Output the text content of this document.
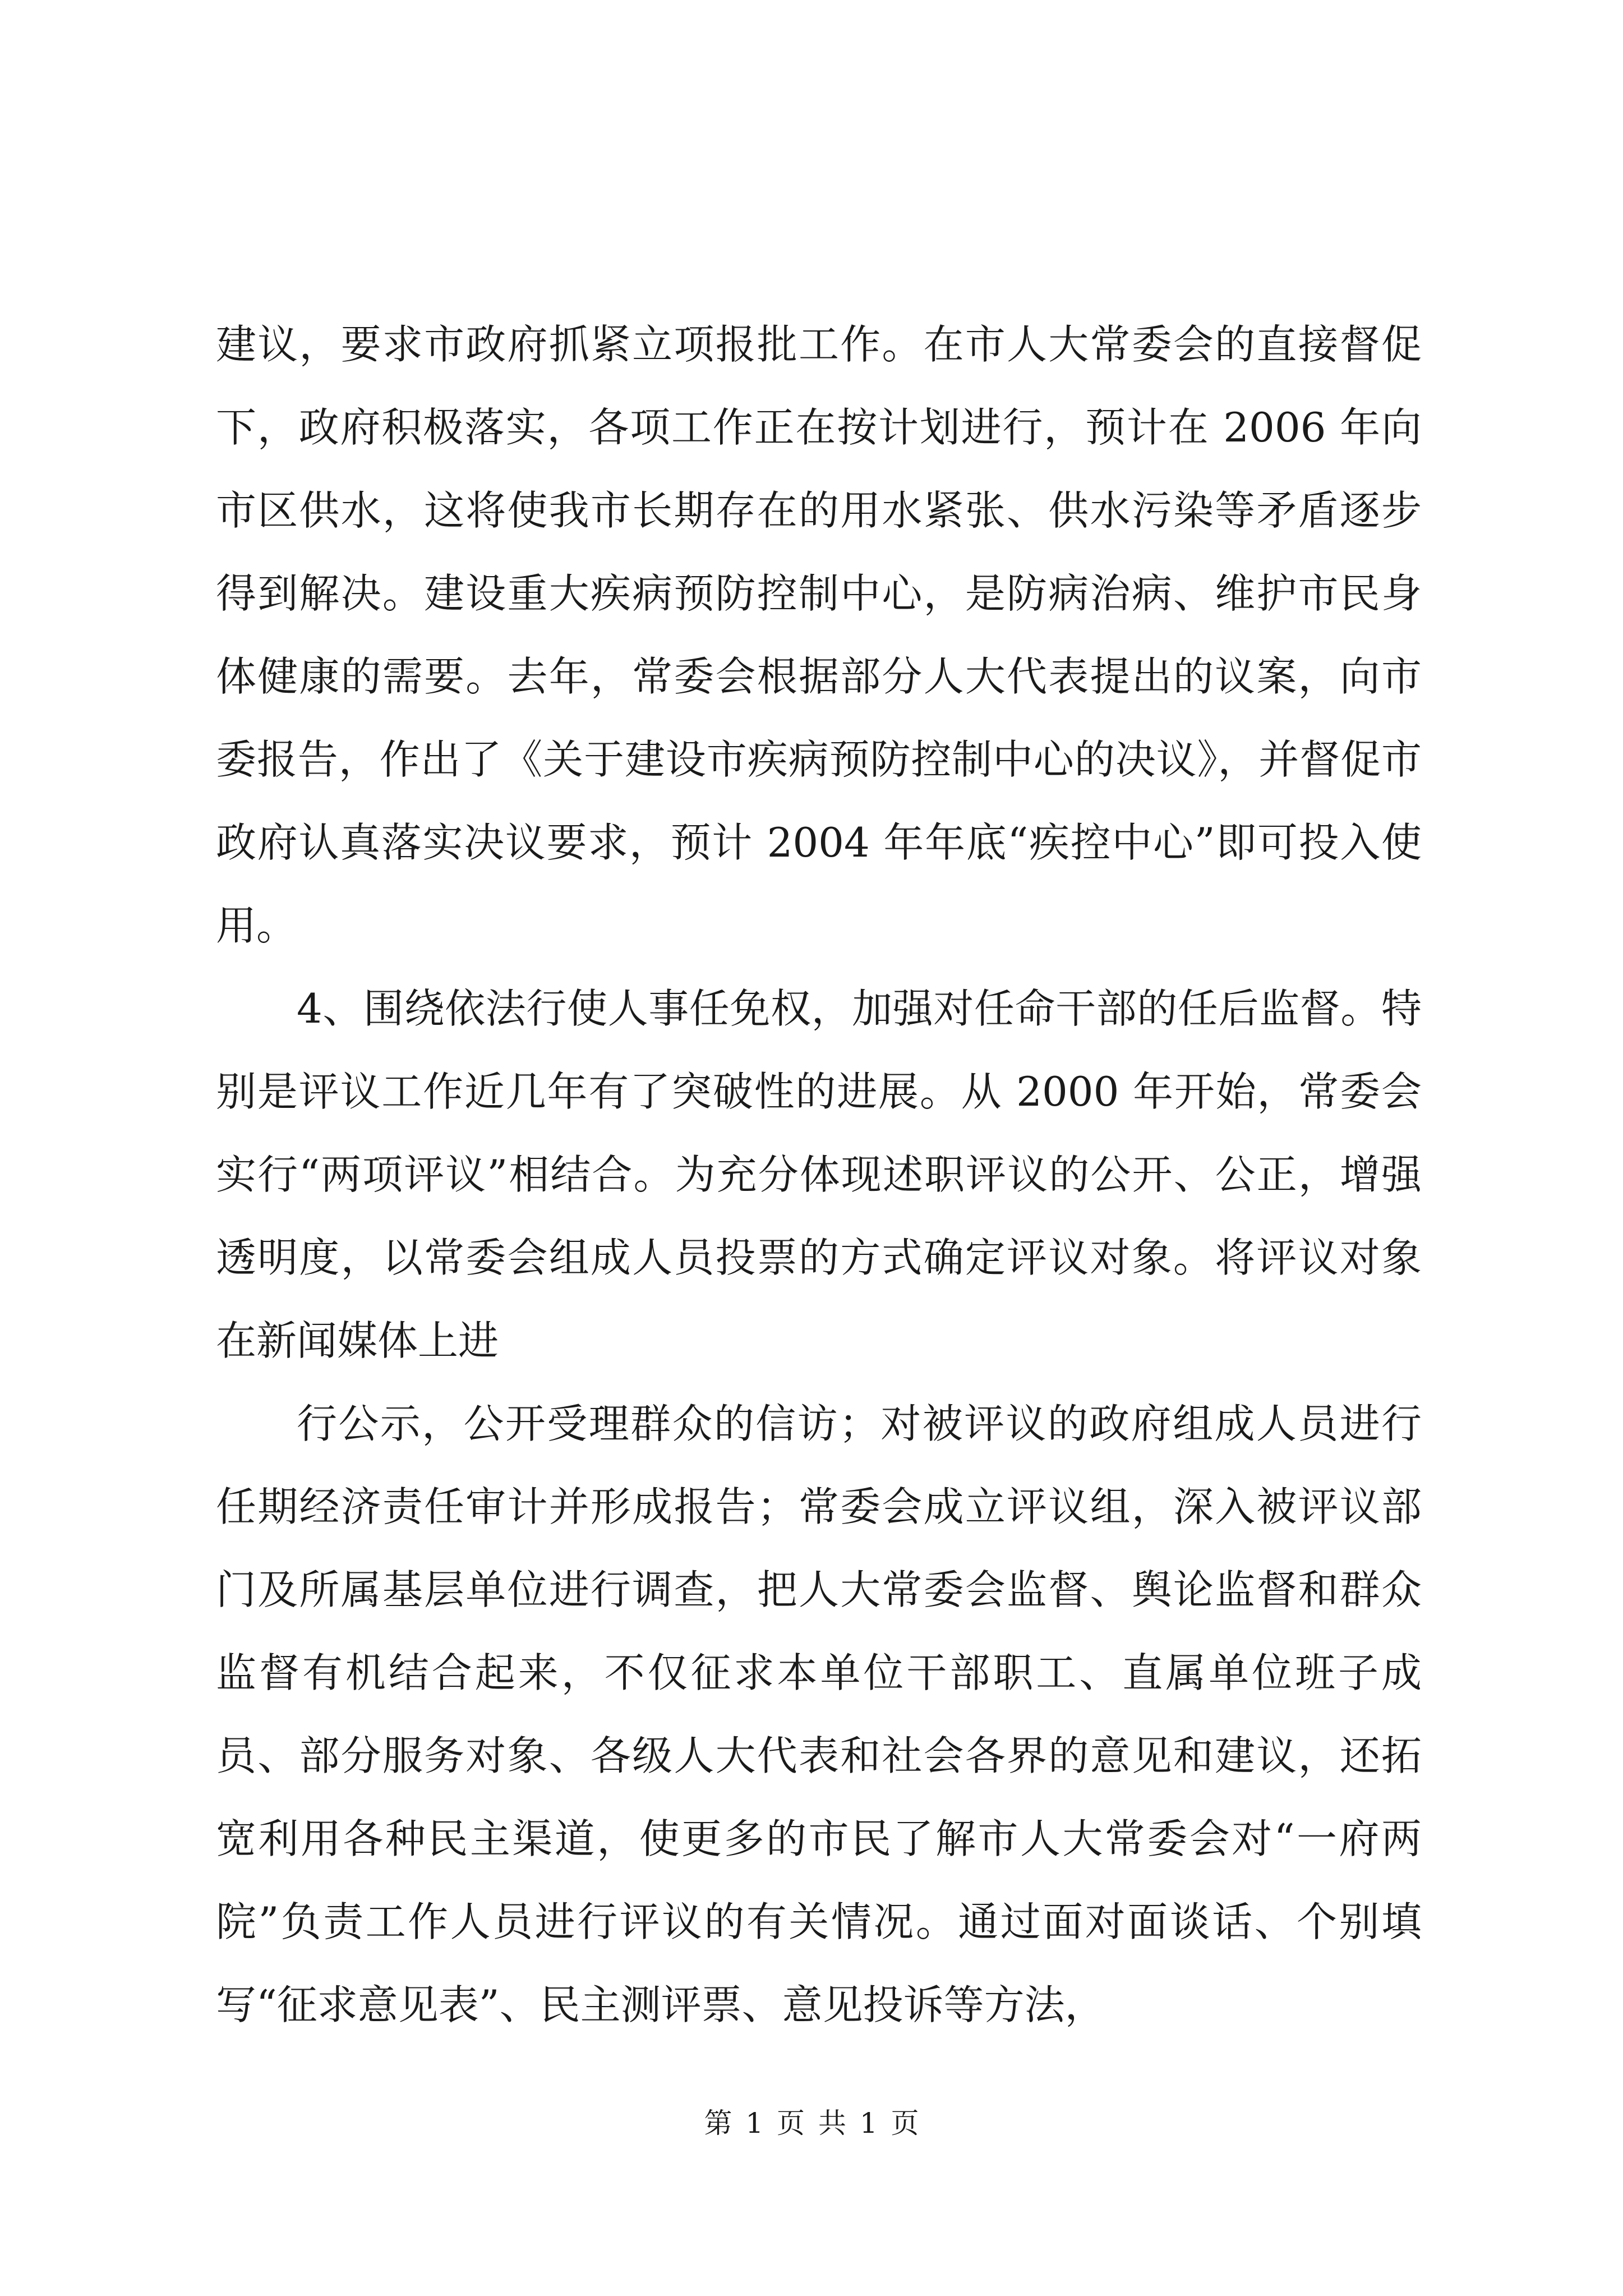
建议，要求市政府抓紧立项报批工作。在市人大常委会的直接督促下，政府积极落实，各项工作正在按计划进行，预计在 2006 年向市区供水，这将使我市长期存在的用水紧张、供水污染等矛盾逐步得到解决。建设重大疾病预防控制中心，是防病治病、维护市民身体健康的需要。去年，常委会根据部分人大代表提出的议案，向市委报告，作出了《关于建设市疾病预防控制中心的决议》，并督促市政府认真落实决议要求，预计 2004 年年底“疾控中心”即可投入使用。

4、围绕依法行使人事任免权，加强对任命干部的任后监督。特别是评议工作近几年有了突破性的进展。从 2000 年开始，常委会实行“两项评议”相结合。为充分体现述职评议的公开、公正，增强透明度，以常委会组成人员投票的方式确定评议对象。将评议对象在新闻媒体上进

行公示，公开受理群众的信访；对被评议的政府组成人员进行任期经济责任审计并形成报告；常委会成立评议组，深入被评议部门及所属基层单位进行调查，把人大常委会监督、舆论监督和群众监督有机结合起来，不仅征求本单位干部职工、直属单位班子成员、部分服务对象、各级人大代表和社会各界的意见和建议，还拓宽利用各种民主渠道，使更多的市民了解市人大常委会对“一府两院”负责工作人员进行评议的有关情况。通过面对面谈话、个别填写“征求意见表”、民主测评票、意见投诉等方法，

第 1 页 共 1 页
